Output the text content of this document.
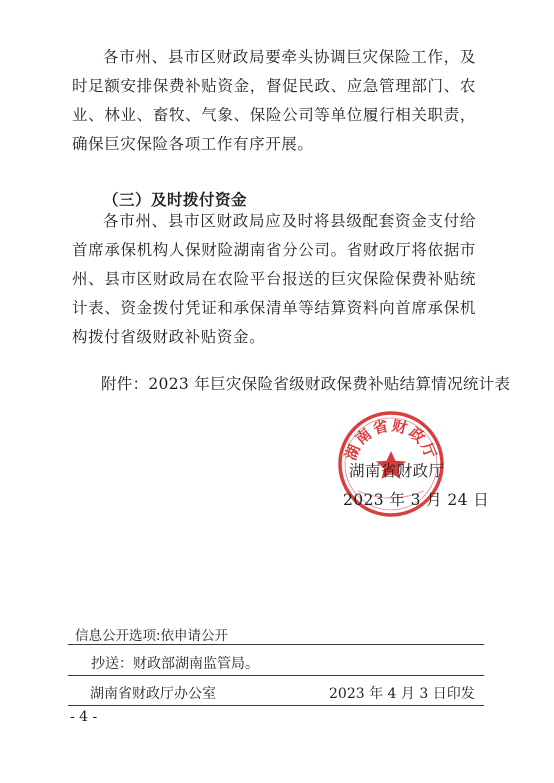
各市州、县市区财政局要牵头协调巨灾保险工作，及时足额安排保费补贴资金，督促民政、应急管理部门、农业、林业、畜牧、气象、保险公司等单位履行相关职责，确保巨灾保险各项工作有序开展。
（三）及时拨付资金
各市州、县市区财政局应及时将县级配套资金支付给首席承保机构人保财险湖南省分公司。省财政厅将依据市州、县市区财政局在农险平台报送的巨灾保险保费补贴统计表、资金拨付凭证和承保清单等结算资料向首席承保机构拨付省级财政补贴资金。
附件：2023 年巨灾保险省级财政保费补贴结算情况统计表
湖南省财政厅
湖南省财政厅
2023 年 3 月 24 日
信息公开选项:依申请公开
抄送：财政部湖南监管局。
湖南省财政厅办公室	2023 年 4 月 3 日印发
- 4 -
